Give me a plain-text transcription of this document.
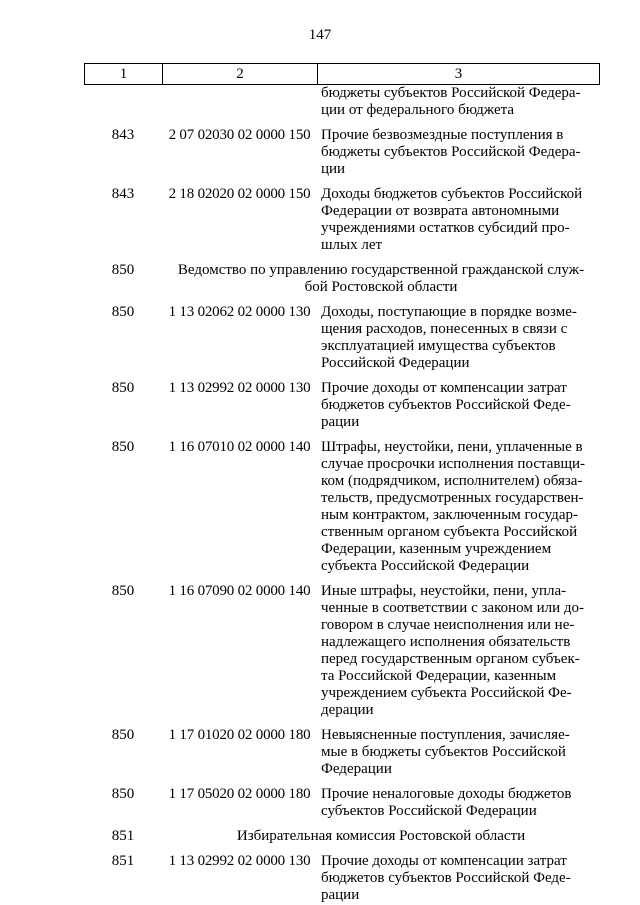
147
1	2	3
бюджеты субъектов Российской Федера-
ции от федерального бюджета
843	2 07 02030 02 0000 150 Прочие безвозмездные поступления в
бюджеты субъектов Российской Федера-
ции
843	2 18 02020 02 0000 150 Доходы бюджетов субъектов Российской
Федерации от возврата автономными
учреждениями остатков субсидий про-
шлых лет
850	Ведомство по управлению государственной гражданской служ-
бой Ростовской области
850	1 13 02062 02 0000 130 Доходы, поступающие в порядке возме-
щения расходов, понесенных в связи с
эксплуатацией имущества субъектов
Российской Федерации
850	1 13 02992 02 0000 130 Прочие доходы от компенсации затрат
бюджетов субъектов Российской Феде-
рации
850	1 16 07010 02 0000 140 Штрафы, неустойки, пени, уплаченные в
случае просрочки исполнения поставщи-
ком (подрядчиком, исполнителем) обяза-
тельств, предусмотренных государствен-
ным контрактом, заключенным государ-
ственным органом субъекта Российской
Федерации, казенным учреждением
субъекта Российской Федерации
850	1 16 07090 02 0000 140 Иные штрафы, неустойки, пени, упла-
ченные в соответствии с законом или до-
говором в случае неисполнения или не-
надлежащего исполнения обязательств
перед государственным органом субъек-
та Российской Федерации, казенным
учреждением субъекта Российской Фе-
дерации
850	1 17 01020 02 0000 180 Невыясненные поступления, зачисляе-
мые в бюджеты субъектов Российской
Федерации
850	1 17 05020 02 0000 180 Прочие неналоговые доходы бюджетов
субъектов Российской Федерации
851	Избирательная комиссия Ростовской области
851	1 13 02992 02 0000 130 Прочие доходы от компенсации затрат
бюджетов субъектов Российской Феде-
рации
